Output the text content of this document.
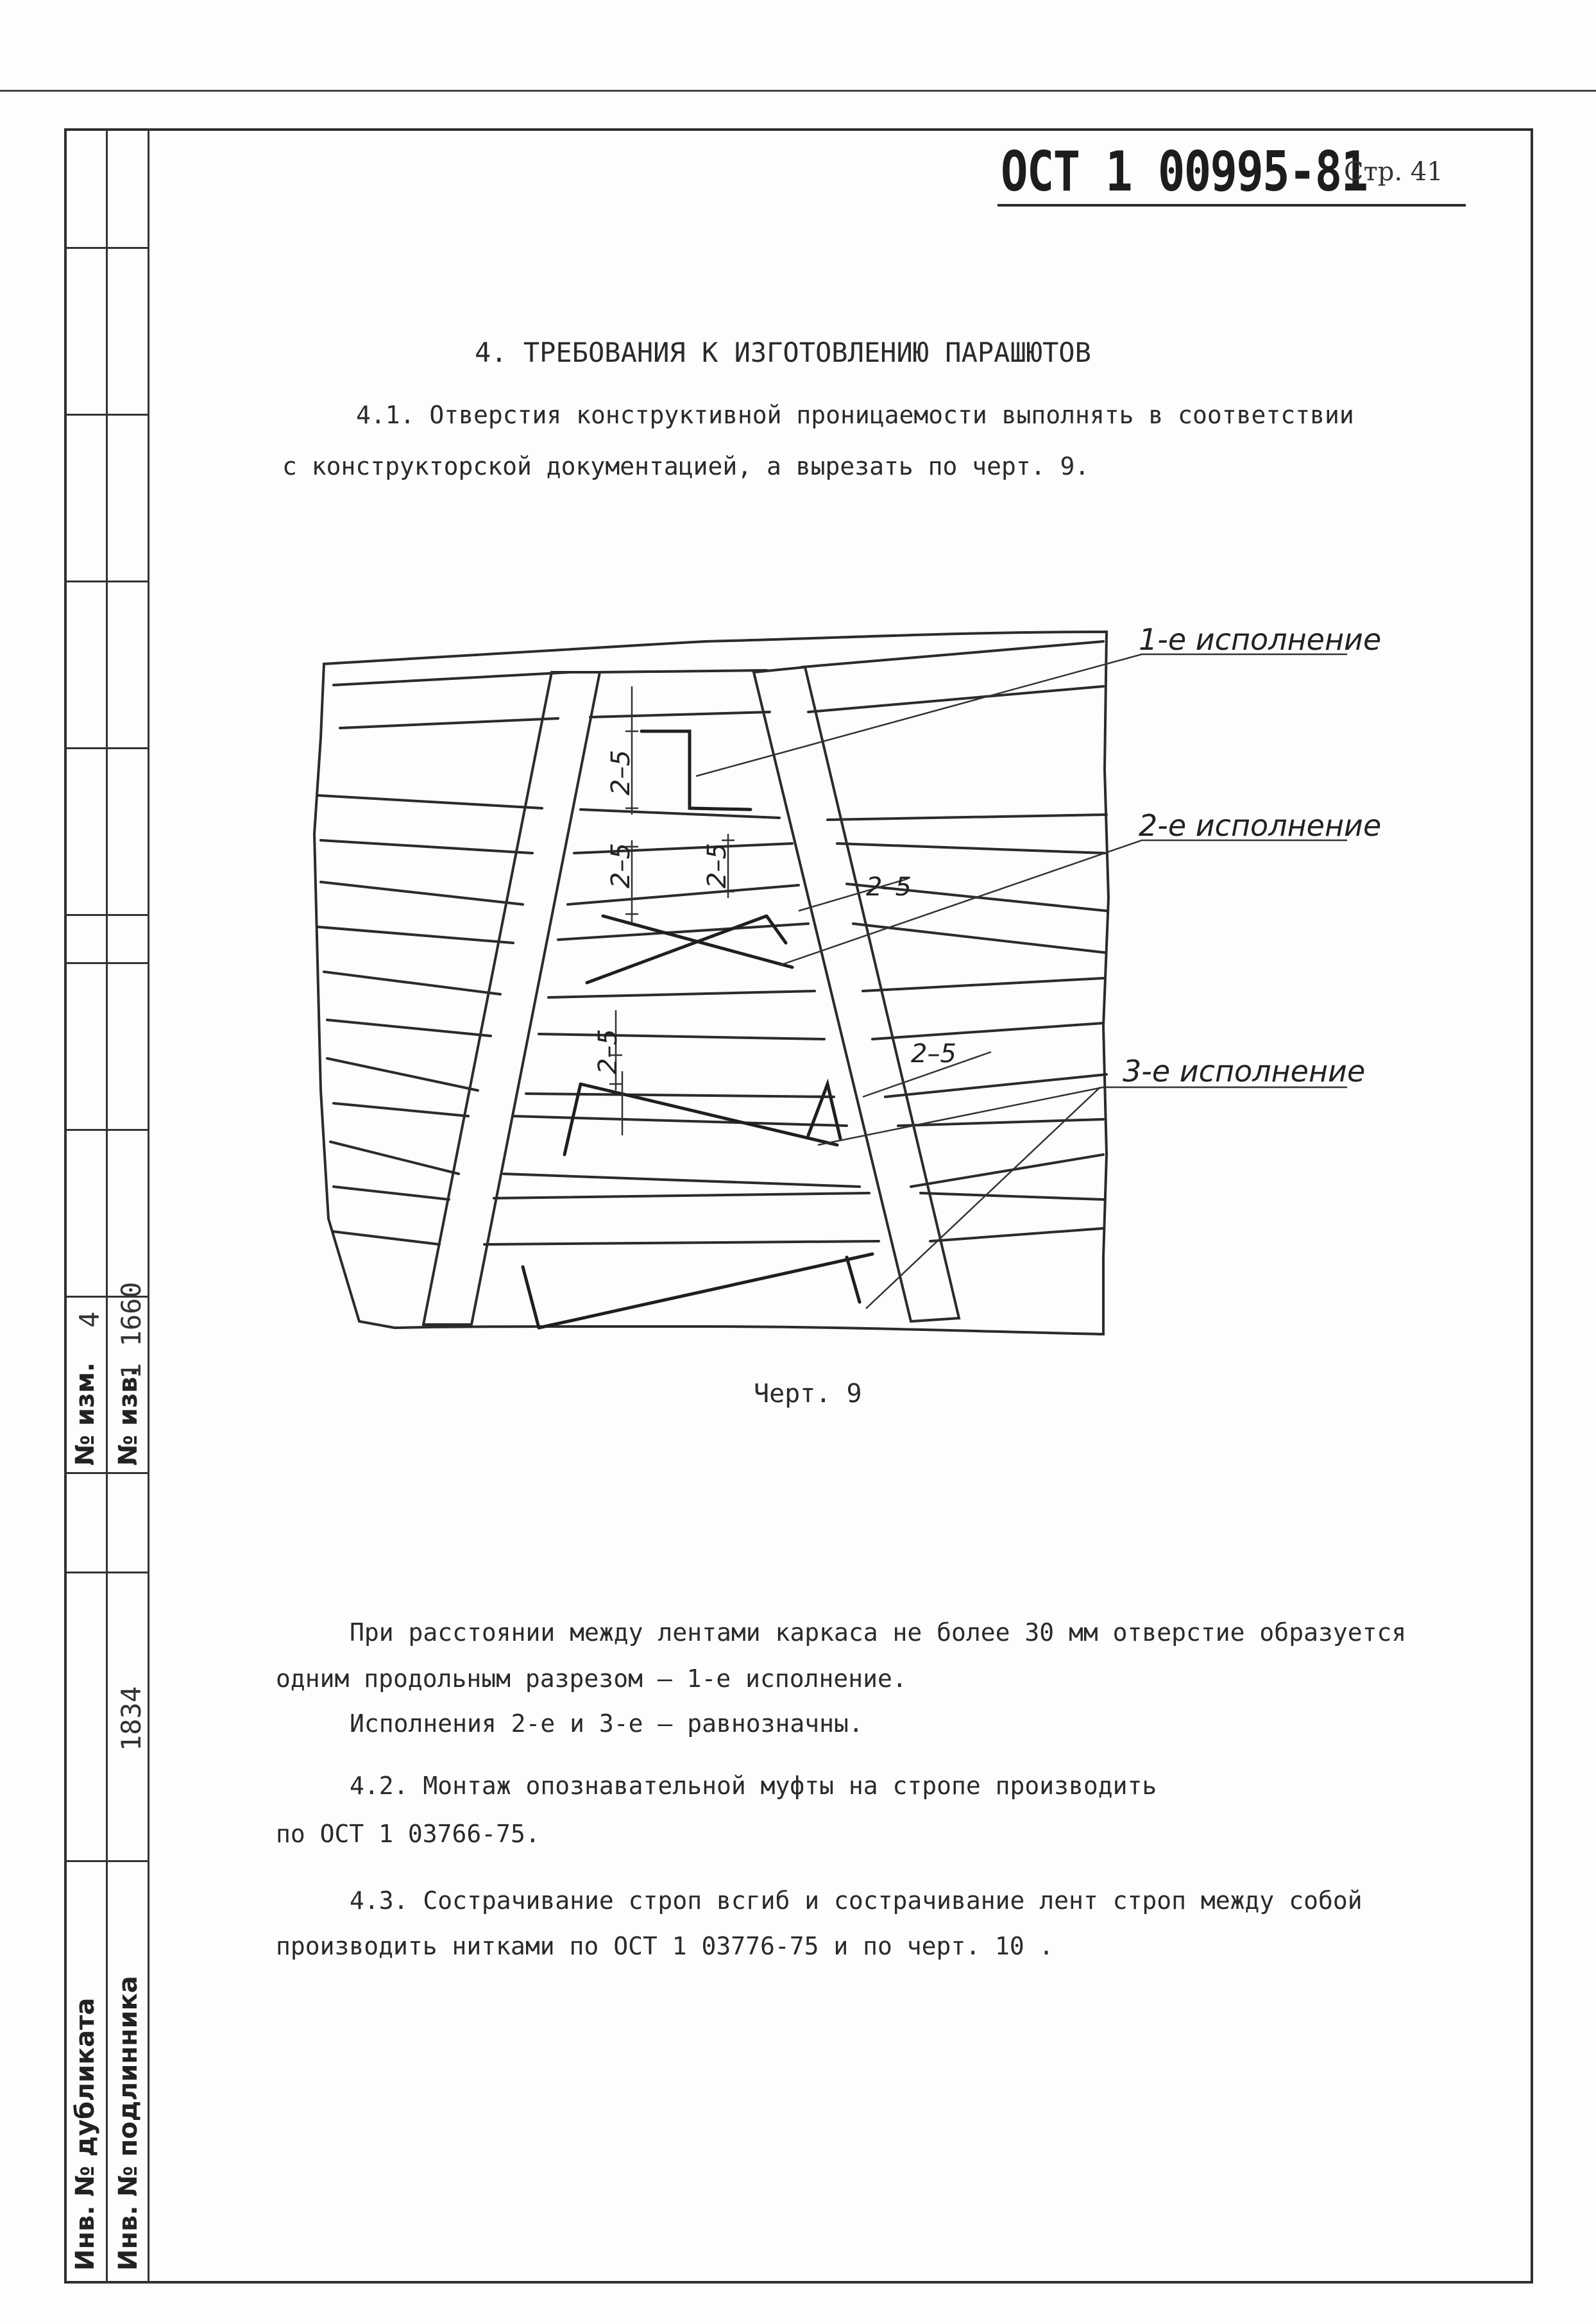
№ изм.
4
№ изв.
1 1660
Инв. № дубликата Инв. № подлинника
1834
ОСТ 1 00995-81
Стр. 41
4. ТРЕБОВАНИЯ К ИЗГОТОВЛЕНИЮ ПАРАШЮТОВ
4.1. Отверстия конструктивной проницаемости выполнять в соответствии
с конструкторской документацией, а вырезать по черт. 9.
2–5
2–5	2–5	2–5
2–5	2–5
1-е исполнение
2-е исполнение
3-е исполнение
Черт. 9
При расстоянии между лентами каркаса не более 30 мм отверстие образуется
одним продольным разрезом – 1-е исполнение.
Исполнения 2-е и 3-е – равнозначны.
4.2. Монтаж опознавательной муфты на стропе производить
по ОСТ 1 03766-75.
4.3. Сострачивание строп всгиб и сострачивание лент строп между собой
производить нитками по ОСТ 1 03776-75 и по черт. 10 .
